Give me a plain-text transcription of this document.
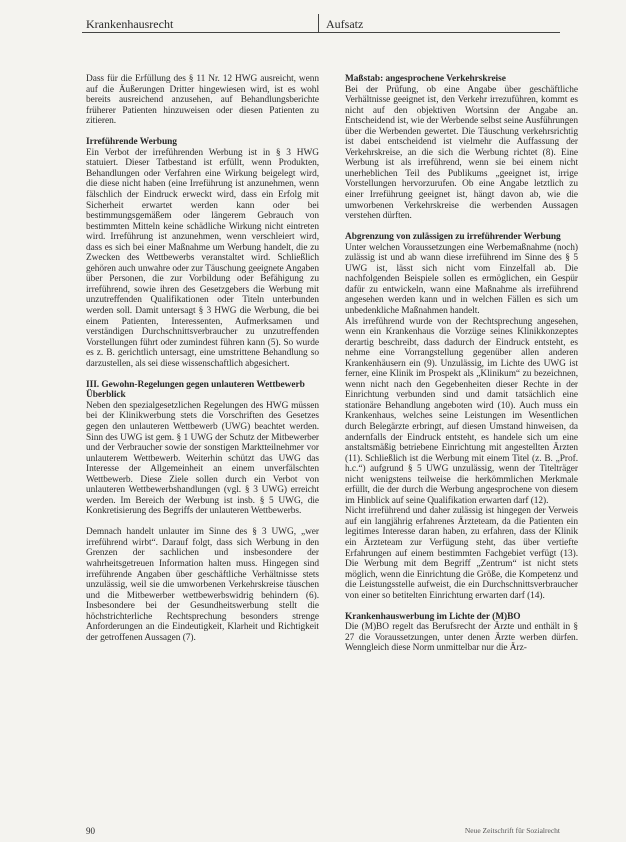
Krankenhausrecht	Aufsatz

Dass für die Erfüllung des § 11 Nr. 12 HWG ausreicht, wenn auf die Äußerungen Dritter hingewiesen wird, ist es wohl bereits ausreichend anzusehen, auf Behandlungsberichte früherer Patienten hinzuweisen oder diesen Patienten zu zitieren.

Irreführende Werbung

Ein Verbot der irreführenden Werbung ist in § 3 HWG statuiert. Dieser Tatbestand ist erfüllt, wenn Produkten, Behandlungen oder Verfahren eine Wirkung beigelegt wird, die diese nicht haben (eine Irreführung ist anzunehmen, wenn fälschlich der Eindruck erweckt wird, dass ein Erfolg mit Sicherheit erwartet werden kann oder bei bestimmungsgemäßem oder längerem Gebrauch von bestimmten Mitteln keine schädliche Wirkung nicht eintreten wird. Irreführung ist anzunehmen, wenn verschleiert wird, dass es sich bei einer Maßnahme um Werbung handelt, die zu Zwecken des Wettbewerbs veranstaltet wird. Schließlich gehören auch unwahre oder zur Täuschung geeignete Angaben über Personen, die zur Vorbildung oder Befähigung zu irreführend, sowie ihren des Gesetzgebers die Werbung mit unzutreffenden Qualifikationen oder Titeln unterbunden werden soll. Damit untersagt § 3 HWG die Werbung, die bei einem Patienten, Interessenten, Aufmerksamen und verständigen Durchschnittsverbraucher zu unzutreffenden Vorstellungen führt oder zumindest führen kann (5). So wurde es z. B. gerichtlich untersagt, eine umstrittene Behandlung so darzustellen, als sei diese wissenschaftlich abgesichert.

III. Gewohn-Regelungen gegen unlauteren Wettbewerb
Überblick

Neben den spezialgesetzlichen Regelungen des HWG müssen bei der Klinikwerbung stets die Vorschriften des Gesetzes gegen den unlauteren Wettbewerb (UWG) beachtet werden. Sinn des UWG ist gem. § 1 UWG der Schutz der Mitbewerber und der Verbraucher sowie der sonstigen Marktteilnehmer vor unlauterem Wettbewerb. Weiterhin schützt das UWG das Interesse der Allgemeinheit an einem unverfälschten Wettbewerb. Diese Ziele sollen durch ein Verbot von unlauteren Wettbewerbshandlungen (vgl. § 3 UWG) erreicht werden. Im Bereich der Werbung ist insb. § 5 UWG, die Konkretisierung des Begriffs der unlauteren Wettbewerbs.

Demnach handelt unlauter im Sinne des § 3 UWG, „wer irreführend wirbt“. Darauf folgt, dass sich Werbung in den Grenzen der sachlichen und insbesondere der wahrheitsgetreuen Information halten muss. Hingegen sind irreführende Angaben über geschäftliche Verhältnisse stets unzulässig, weil sie die umworbenen Verkehrskreise täuschen und die Mitbewerber wettbewerbswidrig behindern (6). Insbesondere bei der Gesundheitswerbung stellt die höchstrichterliche Rechtsprechung besonders strenge Anforderungen an die Eindeutigkeit, Klarheit und Richtigkeit der getroffenen Aussagen (7).

Maßstab: angesprochene Verkehrskreise

Bei der Prüfung, ob eine Angabe über geschäftliche Verhältnisse geeignet ist, den Verkehr irrezuführen, kommt es nicht auf den objektiven Wortsinn der Angabe an. Entscheidend ist, wie der Werbende selbst seine Ausführungen über die Werbenden gewertet. Die Täuschung verkehrsrichtig ist dabei entscheidend ist vielmehr die Auffassung der Verkehrskreise, an die sich die Werbung richtet (8). Eine Werbung ist als irreführend, wenn sie bei einem nicht unerheblichen Teil des Publikums „geeignet ist, irrige Vorstellungen hervorzurufen. Ob eine Angabe letztlich zu einer Irreführung geeignet ist, hängt davon ab, wie die umworbenen Verkehrskreise die werbenden Aussagen verstehen dürften.

Abgrenzung von zulässigen zu irreführender Werbung

Unter welchen Voraussetzungen eine Werbemaßnahme (noch) zulässig ist und ab wann diese irreführend im Sinne des § 5 UWG ist, lässt sich nicht vom Einzelfall ab. Die nachfolgenden Beispiele sollen es ermöglichen, ein Gespür dafür zu entwickeln, wann eine Maßnahme als irreführend angesehen werden kann und in welchen Fällen es sich um unbedenkliche Maßnahmen handelt.

Als irreführend wurde von der Rechtsprechung angesehen, wenn ein Krankenhaus die Vorzüge seines Klinikkonzeptes derartig beschreibt, dass dadurch der Eindruck entsteht, es nehme eine Vorrangstellung gegenüber allen anderen Krankenhäusern ein (9). Unzulässig, im Lichte des UWG ist ferner, eine Klinik im Prospekt als „Klinikum“ zu bezeichnen, wenn nicht nach den Gegebenheiten dieser Rechte in der Einrichtung verbunden sind und damit tatsächlich eine stationäre Behandlung angeboten wird (10). Auch muss ein Krankenhaus, welches seine Leistungen im Wesentlichen durch Belegärzte erbringt, auf diesen Umstand hinweisen, da andernfalls der Eindruck entsteht, es handele sich um eine anstaltsmäßig betriebene Einrichtung mit angestellten Ärzten (11). Schließlich ist die Werbung mit einem Titel (z. B. „Prof. h.c.“) aufgrund § 5 UWG unzulässig, wenn der Titelträger nicht wenigstens teilweise die herkömmlichen Merkmale erfüllt, die der durch die Werbung angesprochene von diesem im Hinblick auf seine Qualifikation erwarten darf (12).

Nicht irreführend und daher zulässig ist hingegen der Verweis auf ein langjährig erfahrenes Ärzteteam, da die Patienten ein legitimes Interesse daran haben, zu erfahren, dass der Klinik ein Ärzteteam zur Verfügung steht, das über vertiefte Erfahrungen auf einem bestimmten Fachgebiet verfügt (13). Die Werbung mit dem Begriff „Zentrum“ ist nicht stets möglich, wenn die Einrichtung die Größe, die Kompetenz und die Leistungsstelle aufweist, die ein Durchschnittsverbraucher von einer so betitelten Einrichtung erwarten darf (14).

Krankenhauswerbung im Lichte der (M)BO

Die (M)BO regelt das Berufsrecht der Ärzte und enthält in § 27 die Voraussetzungen, unter denen Ärzte werben dürfen. Wenngleich diese Norm unmittelbar nur die Ärz-

90	Neue Zeitschrift für Sozialrecht
